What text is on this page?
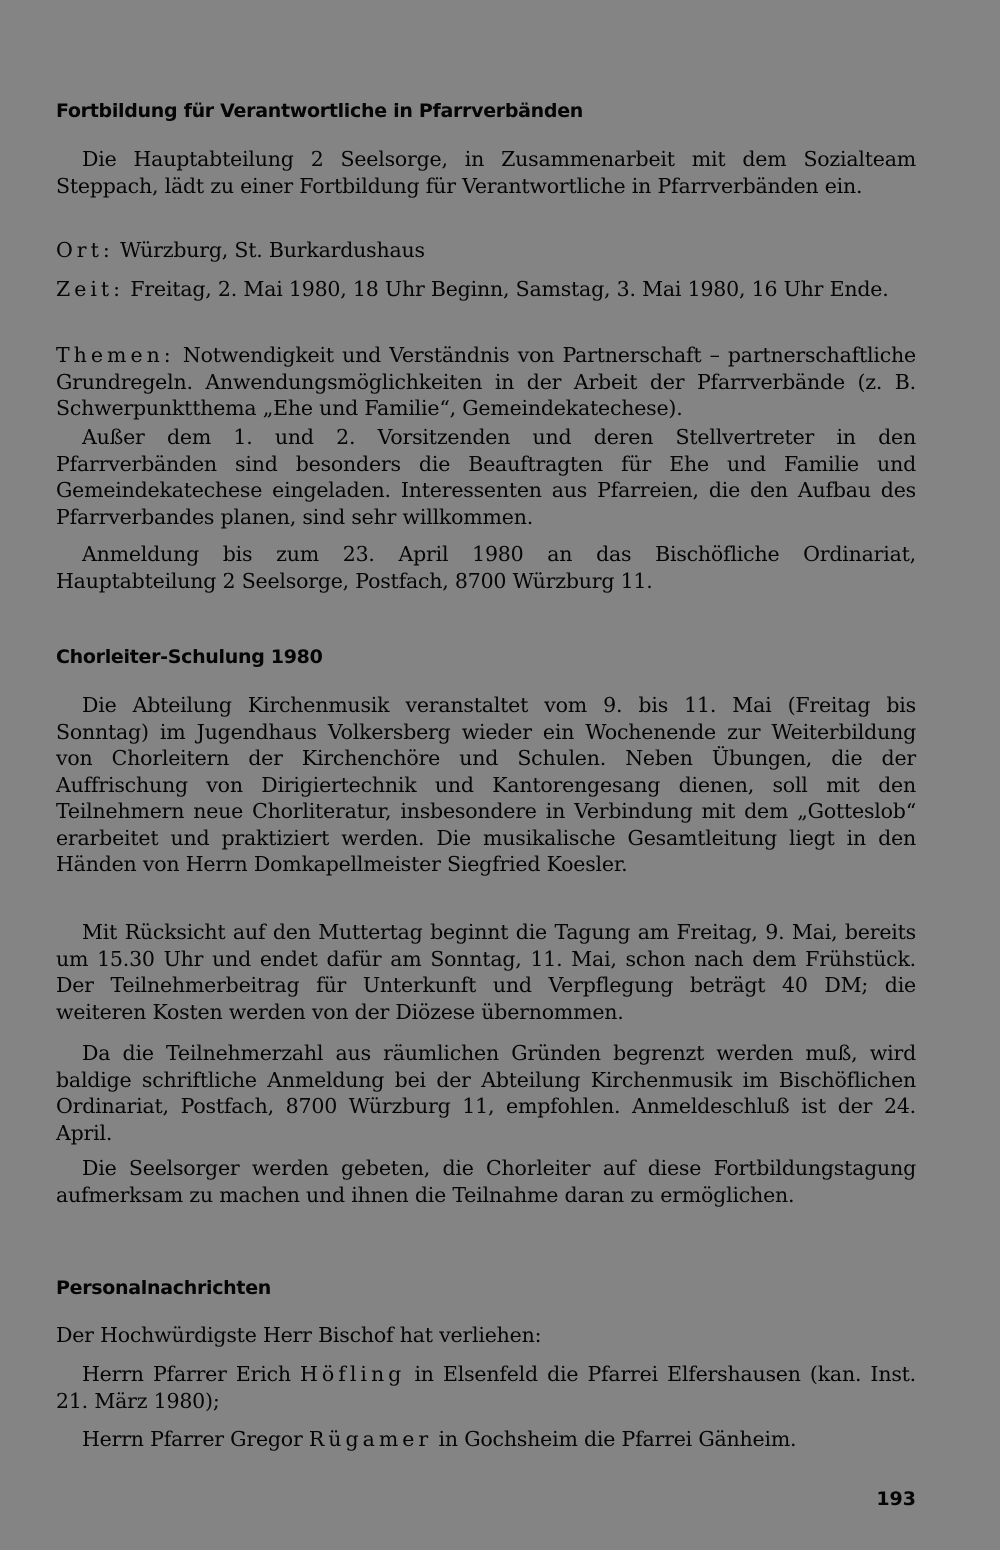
Fortbildung für Verantwortliche in Pfarrverbänden

Die Hauptabteilung 2 Seelsorge, in Zusammenarbeit mit dem Sozialteam Steppach, lädt zu einer Fortbildung für Verantwortliche in Pfarrverbänden ein.

Ort: Würzburg, St. Burkardushaus

Zeit: Freitag, 2. Mai 1980, 18 Uhr Beginn, Samstag, 3. Mai 1980, 16 Uhr Ende.

Themen: Notwendigkeit und Verständnis von Partnerschaft – partnerschaftliche Grundregeln. Anwendungsmöglichkeiten in der Arbeit der Pfarrverbände (z. B. Schwerpunktthema „Ehe und Familie“, Gemeindekatechese).

Außer dem 1. und 2. Vorsitzenden und deren Stellvertreter in den Pfarrverbänden sind besonders die Beauftragten für Ehe und Familie und Gemeindekatechese eingeladen. Interessenten aus Pfarreien, die den Aufbau des Pfarrverbandes planen, sind sehr willkommen.

Anmeldung bis zum 23. April 1980 an das Bischöfliche Ordinariat, Hauptabteilung 2 Seelsorge, Postfach, 8700 Würzburg 11.

Chorleiter-Schulung 1980

Die Abteilung Kirchenmusik veranstaltet vom 9. bis 11. Mai (Freitag bis Sonntag) im Jugendhaus Volkersberg wieder ein Wochenende zur Weiterbildung von Chorleitern der Kirchenchöre und Schulen. Neben Übungen, die der Auffrischung von Dirigiertechnik und Kantorengesang dienen, soll mit den Teilnehmern neue Chorliteratur, insbesondere in Verbindung mit dem „Gotteslob“ erarbeitet und praktiziert werden. Die musikalische Gesamtleitung liegt in den Händen von Herrn Domkapellmeister Siegfried Koesler.

Mit Rücksicht auf den Muttertag beginnt die Tagung am Freitag, 9. Mai, bereits um 15.30 Uhr und endet dafür am Sonntag, 11. Mai, schon nach dem Frühstück. Der Teilnehmerbeitrag für Unterkunft und Verpflegung beträgt 40 DM; die weiteren Kosten werden von der Diözese übernommen.

Da die Teilnehmerzahl aus räumlichen Gründen begrenzt werden muß, wird baldige schriftliche Anmeldung bei der Abteilung Kirchenmusik im Bischöflichen Ordinariat, Postfach, 8700 Würzburg 11, empfohlen. Anmeldeschluß ist der 24. April.

Die Seelsorger werden gebeten, die Chorleiter auf diese Fortbildungstagung aufmerksam zu machen und ihnen die Teilnahme daran zu ermöglichen.

Personalnachrichten

Der Hochwürdigste Herr Bischof hat verliehen:

Herrn Pfarrer Erich Höfling in Elsenfeld die Pfarrei Elfershausen (kan. Inst. 21. März 1980);

Herrn Pfarrer Gregor Rügamer in Gochsheim die Pfarrei Gänheim.

193
